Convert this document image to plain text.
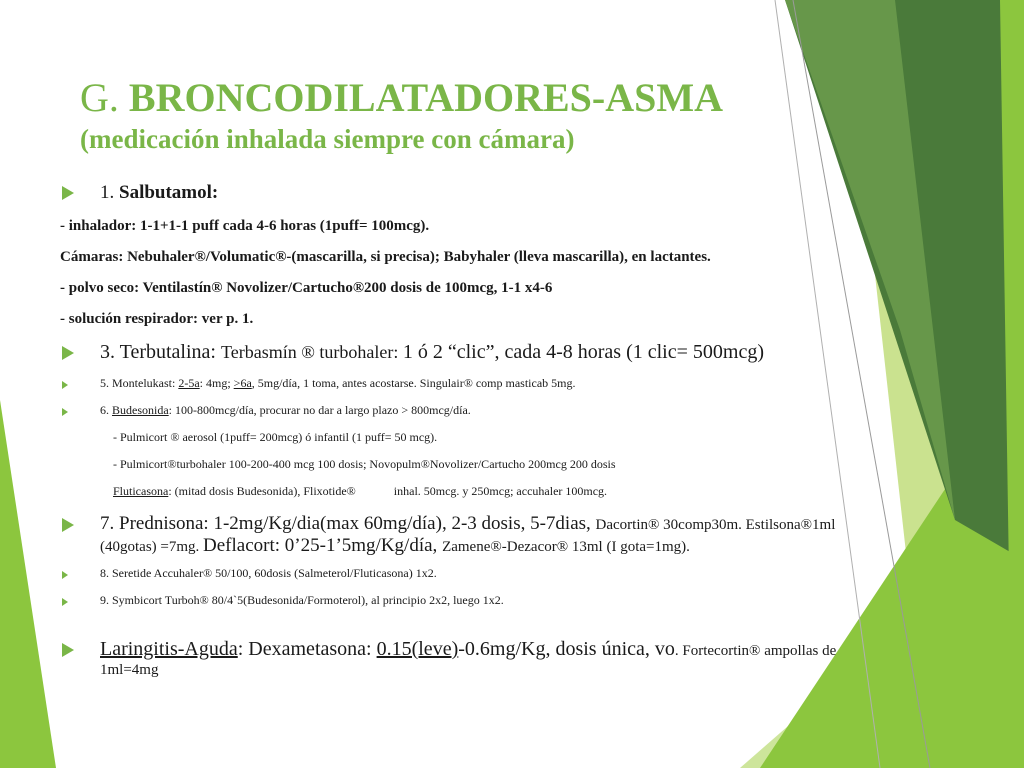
G. BRONCODILATADORES-ASMA
(medicación inhalada siempre con cámara)
1. Salbutamol:
- inhalador: 1-1+1-1 puff cada 4-6 horas (1puff= 100mcg).
Cámaras: Nebuhaler®/Volumatic®-(mascarilla, si precisa); Babyhaler (lleva mascarilla), en lactantes.
- polvo seco: Ventilastín® Novolizer/Cartucho®200 dosis de 100mcg, 1-1 x4-6
- solución respirador: ver p. 1.
3. Terbutalina: Terbasmín ® turbohaler: 1 ó 2 “clic”, cada 4-8 horas (1 clic= 500mcg)
5. Montelukast: 2-5a: 4mg; >6a, 5mg/día, 1 toma, antes acostarse. Singulair® comp masticab 5mg.
6. Budesonida: 100-800mcg/día, procurar no dar a largo plazo > 800mcg/día.
- Pulmicort ® aerosol (1puff= 200mcg) ó infantil (1 puff= 50 mcg).
- Pulmicort®turbohaler 100-200-400 mcg 100 dosis; Novopulm®Novolizer/Cartucho 200mcg 200 dosis
Fluticasona: (mitad dosis Budesonida), Flixotide®	inhal. 50mcg. y 250mcg; accuhaler 100mcg.
7. Prednisona: 1-2mg/Kg/dia(max 60mg/día), 2-3 dosis, 5-7dias, Dacortin® 30comp30m. Estilsona®1ml
(40gotas) =7mg. Deflacort: 0’25-1’5mg/Kg/día, Zamene®-Dezacor® 13ml (I gota=1mg).
8. Seretide Accuhaler® 50/100, 60dosis (Salmeterol/Fluticasona) 1x2.
9. Symbicort Turboh® 80/4`5(Budesonida/Formoterol), al principio 2x2, luego 1x2.
Laringitis-Aguda: Dexametasona: 0.15(leve)-0.6mg/Kg, dosis única, vo. Fortecortin® ampollas de
1ml=4mg
